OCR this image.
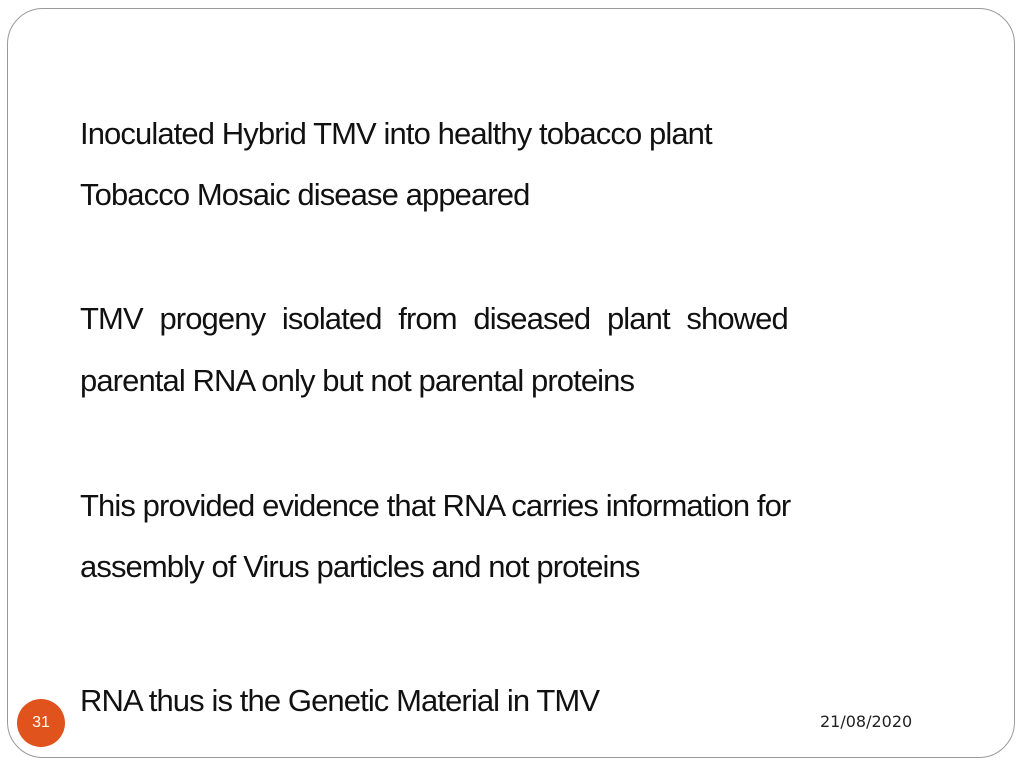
Inoculated Hybrid TMV into healthy tobacco plant
Tobacco Mosaic disease appeared
TMV progeny isolated from diseased plant showed
parental RNA only but not parental proteins
This provided evidence that RNA carries information for
assembly of Virus particles and not proteins
RNA thus is the Genetic Material in TMV
31	21/08/2020
